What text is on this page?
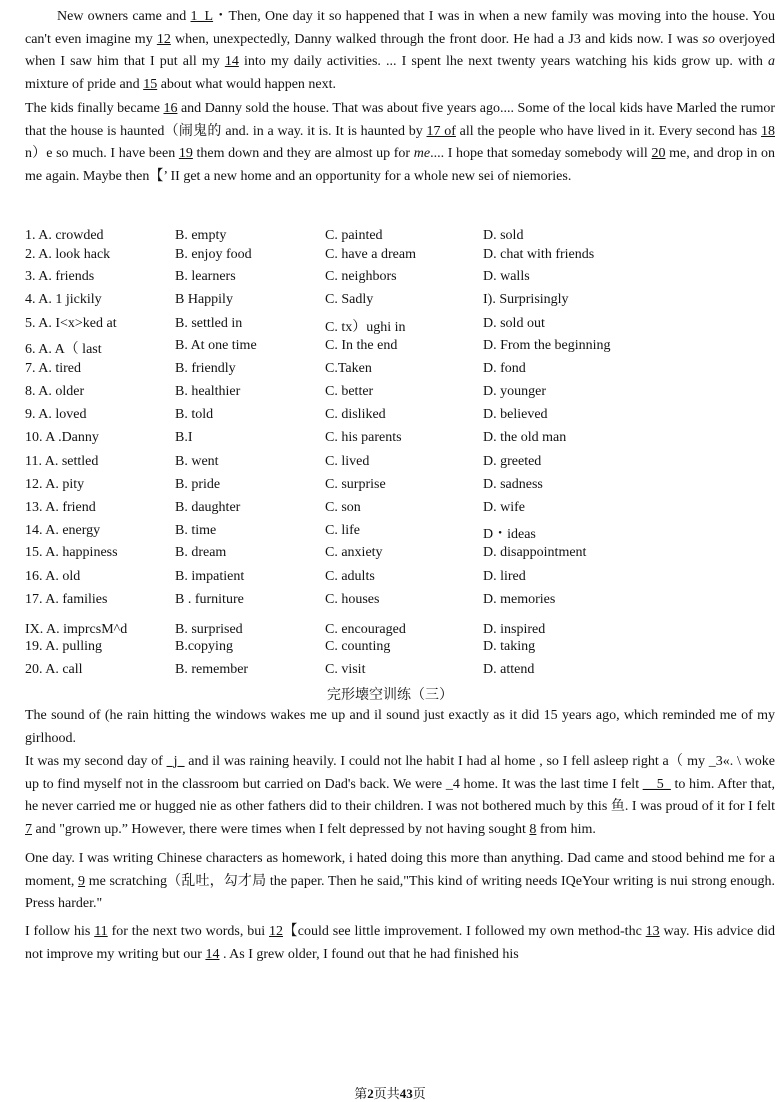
New owners came and 1_L・Then, One day it so happened that I was in when a new family was moving into the house. You can't even imagine my 12 when, unexpectedly, Danny walked through the front door. He had a J3 and kids now. I was so overjoyed when I saw him that I put all my 14 into my daily activities. ... I spent lhe next twenty years watching his kids grow up. with a mixture of pride and 15 about what would happen next.

The kids finally became 16 and Danny sold the house. That was about five years ago.... Some of the local kids have Marled the rumor that the house is haunted（闹鬼的 and. in a way. it is. It is haunted by 17 of all the people who have lived in it. Every second has 18 n）e so much. I have been 19 them down and they are almost up for me.... I hope that someday somebody will 20 me, and drop in on me again. Maybe then【’ II get a new home and an opportunity for a whole new sei of niemories.

1. A. crowded	B. empty	C. painted	D. sold
2. A. look hack	B. enjoy food	C. have a dream	D. chat with friends
3. A. friends	B. learners	C. neighbors	D. walls
4. A. 1 jickily	B Happily	C. Sadly	I). Surprisingly
5. A. I<x>ked at	B. settled in	C. tx）ughi in	D. sold out
6. A. A（ last	B. At one time	C. In the end	D. From the beginning
7. A. tired	B. friendly	C.Taken	D. fond
8. A. older	B. healthier	C. better	D. younger
9. A. loved	B. told	C. disliked	D. believed
10. A .Danny	B.I	C. his parents	D. the old man
11. A. settled	B. went	C. lived	D. greeted
12. A. pity	B. pride	C. surprise	D. sadness
13. A. friend	B. daughter	C. son	D. wife
14. A. energy	B. time	C. life	D・ideas
15. A. happiness	B. dream	C. anxiety	D. disappointment
16. A. old	B. impatient	C. adults	D. lired
17. A. families	B . furniture	C. houses	D. memories
IX. A. imprcsM^d	B. surprised	C. encouraged	D. inspired
19. A. pulling	B.copying	C. counting	D. taking
20. A. call	B. remember	C. visit	D. attend
完形壊空训练（三）

The sound of (he rain hitting the windows wakes me up and il sound just exactly as it did 15 years ago, which reminded me of my girlhood.

It was my second day of _j_ and il was raining heavily. I could not lhe habit I had al home , so I fell asleep right a（ my _3«. \ woke up to find myself not in the classroom but carried on Dad's back. We were _4 home. It was the last time I felt __5_ to him. After that, he never carried me or hugged nie as other fathers did to their children. I was not bothered much by this 鱼. I was proud of it for I felt 7 and "grown up.” However, there were times when I felt depressed by not having sought 8 from him.

One day. I was writing Chinese characters as homework, i hated doing this more than anything. Dad came and stood behind me for a moment, 9 me scratching（乱吐，勾才局 the paper. Then he said,"This kind of writing needs IQeYour writing is nui strong enough. Press harder."

I follow his 11 for the next two words, bui 12【could see little improvement. I followed my own method-thc 13 way. His advice did not improve my writing but our 14 . As I grew older, I found out that he had finished his

第2页共43页
